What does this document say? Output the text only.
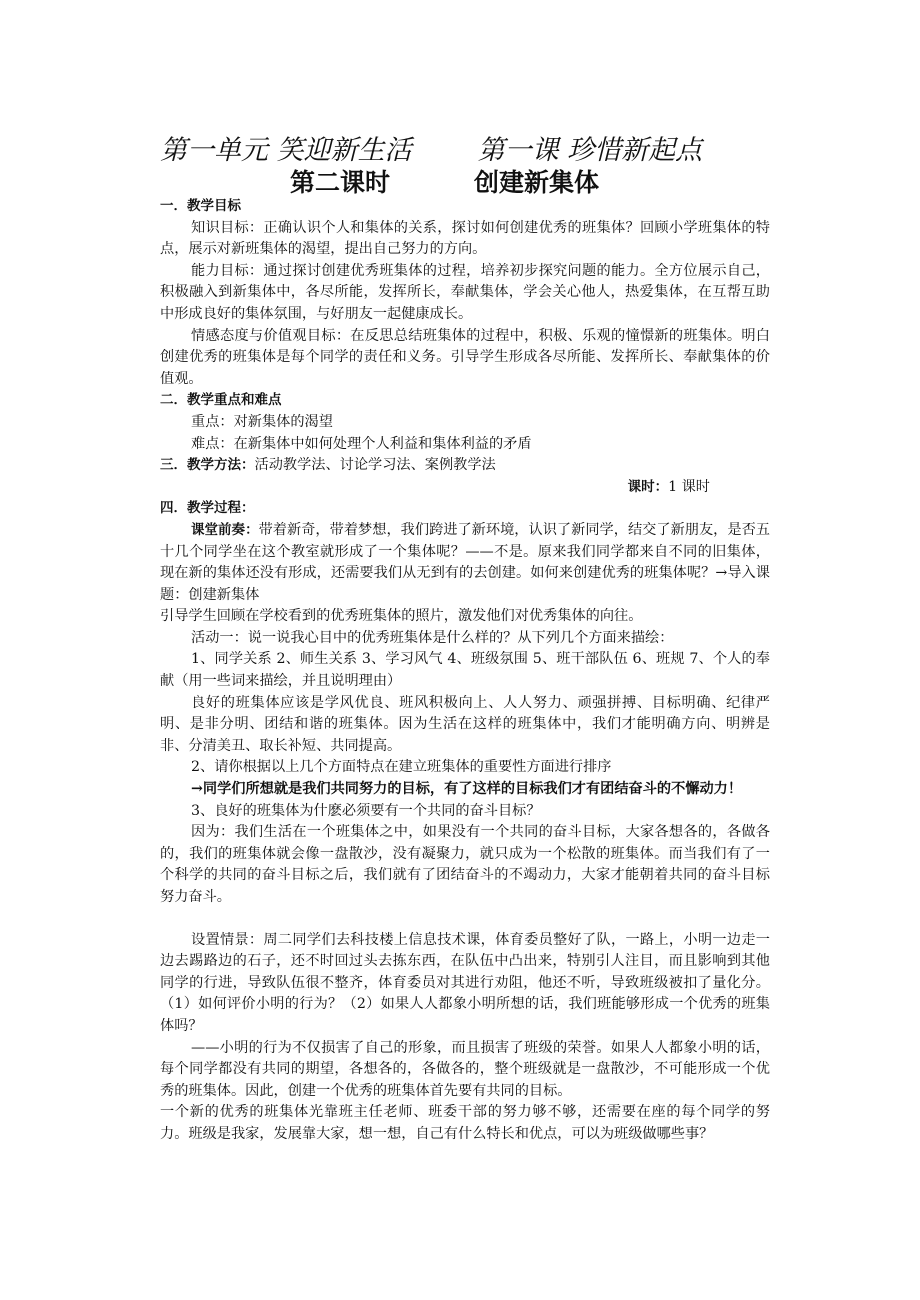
第一单元 笑迎新生活 第一课 珍惜新起点
第二课时	创建新集体

一．教学目标

知识目标：正确认识个人和集体的关系，探讨如何创建优秀的班集体？回顾小学班集体的特点，展示对新班集体的渴望，提出自己努力的方向。

能力目标：通过探讨创建优秀班集体的过程，培养初步探究问题的能力。全方位展示自己，积极融入到新集体中，各尽所能，发挥所长，奉献集体，学会关心他人，热爱集体，在互帮互助中形成良好的集体氛围，与好朋友一起健康成长。

情感态度与价值观目标：在反思总结班集体的过程中，积极、乐观的憧憬新的班集体。明白创建优秀的班集体是每个同学的责任和义务。引导学生形成各尽所能、发挥所长、奉献集体的价值观。

二．教学重点和难点

重点：对新集体的渴望

难点：在新集体中如何处理个人利益和集体利益的矛盾

三．教学方法：活动教学法、讨论学习法、案例教学法

课时：1 课时

四．教学过程：

课堂前奏：带着新奇，带着梦想，我们跨进了新环境，认识了新同学，结交了新朋友，是否五十几个同学坐在这个教室就形成了一个集体呢？——不是。原来我们同学都来自不同的旧集体，现在新的集体还没有形成，还需要我们从无到有的去创建。如何来创建优秀的班集体呢？→导入课题：创建新集体

引导学生回顾在学校看到的优秀班集体的照片，激发他们对优秀集体的向往。

活动一：说一说我心目中的优秀班集体是什么样的？从下列几个方面来描绘：

1、同学关系 2、师生关系 3、学习风气 4、班级氛围 5、班干部队伍 6、班规 7、个人的奉献（用一些词来描绘，并且说明理由）

良好的班集体应该是学风优良、班风积极向上、人人努力、顽强拼搏、目标明确、纪律严明、是非分明、团结和谐的班集体。因为生活在这样的班集体中，我们才能明确方向、明辨是非、分清美丑、取长补短、共同提高。

2、请你根据以上几个方面特点在建立班集体的重要性方面进行排序

→同学们所想就是我们共同努力的目标，有了这样的目标我们才有团结奋斗的不懈动力！

3、良好的班集体为什麽必须要有一个共同的奋斗目标？

因为：我们生活在一个班集体之中，如果没有一个共同的奋斗目标，大家各想各的，各做各的，我们的班集体就会像一盘散沙，没有凝聚力，就只成为一个松散的班集体。而当我们有了一个科学的共同的奋斗目标之后，我们就有了团结奋斗的不竭动力，大家才能朝着共同的奋斗目标努力奋斗。

设置情景：周二同学们去科技楼上信息技术课，体育委员整好了队，一路上，小明一边走一边去踢路边的石子，还不时回过头去拣东西，在队伍中凸出来，特别引人注目，而且影响到其他同学的行进，导致队伍很不整齐，体育委员对其进行劝阻，他还不听，导致班级被扣了量化分。（1）如何评价小明的行为？（2）如果人人都象小明所想的话，我们班能够形成一个优秀的班集体吗？

——小明的行为不仅损害了自己的形象，而且损害了班级的荣誉。如果人人都象小明的话，每个同学都没有共同的期望，各想各的，各做各的，整个班级就是一盘散沙，不可能形成一个优秀的班集体。因此，创建一个优秀的班集体首先要有共同的目标。

一个新的优秀的班集体光靠班主任老师、班委干部的努力够不够，还需要在座的每个同学的努力。班级是我家，发展靠大家，想一想，自己有什么特长和优点，可以为班级做哪些事？
